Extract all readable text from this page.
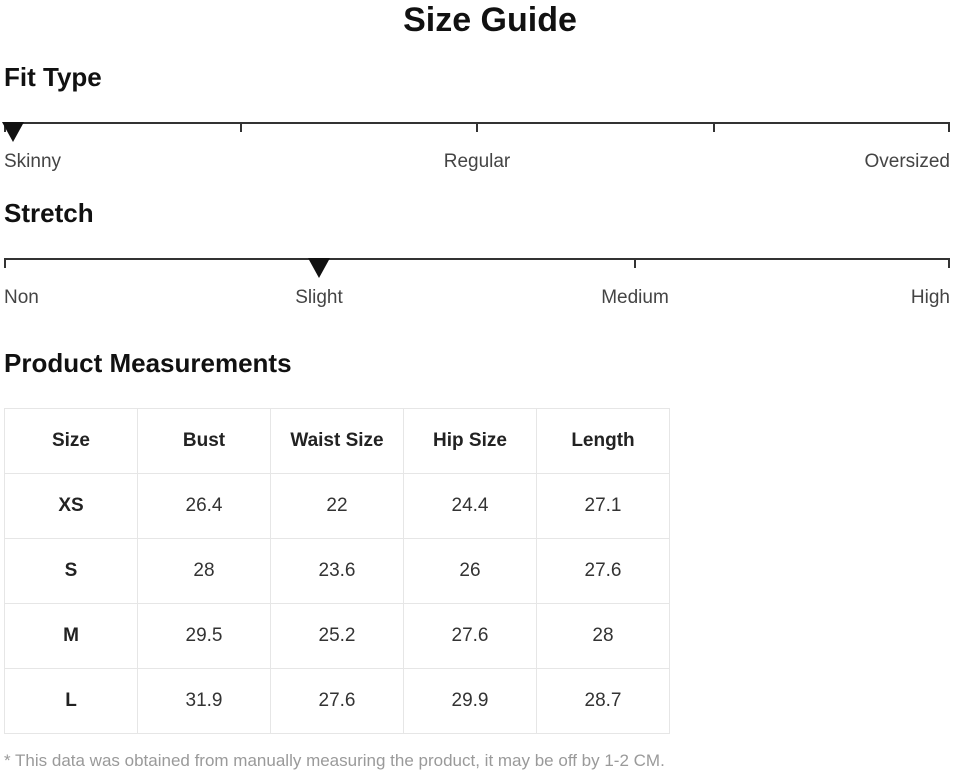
Size Guide
Fit Type
Skinny	Regular	Oversized
Stretch
Non	Slight	Medium	High
Product Measurements
Size	Bust	Waist Size	Hip Size	Length
XS	26.4	22	24.4	27.1
S	28	23.6	26	27.6
M	29.5	25.2	27.6	28
L	31.9	27.6	29.9	28.7
* This data was obtained from manually measuring the product, it may be off by 1-2 CM.
